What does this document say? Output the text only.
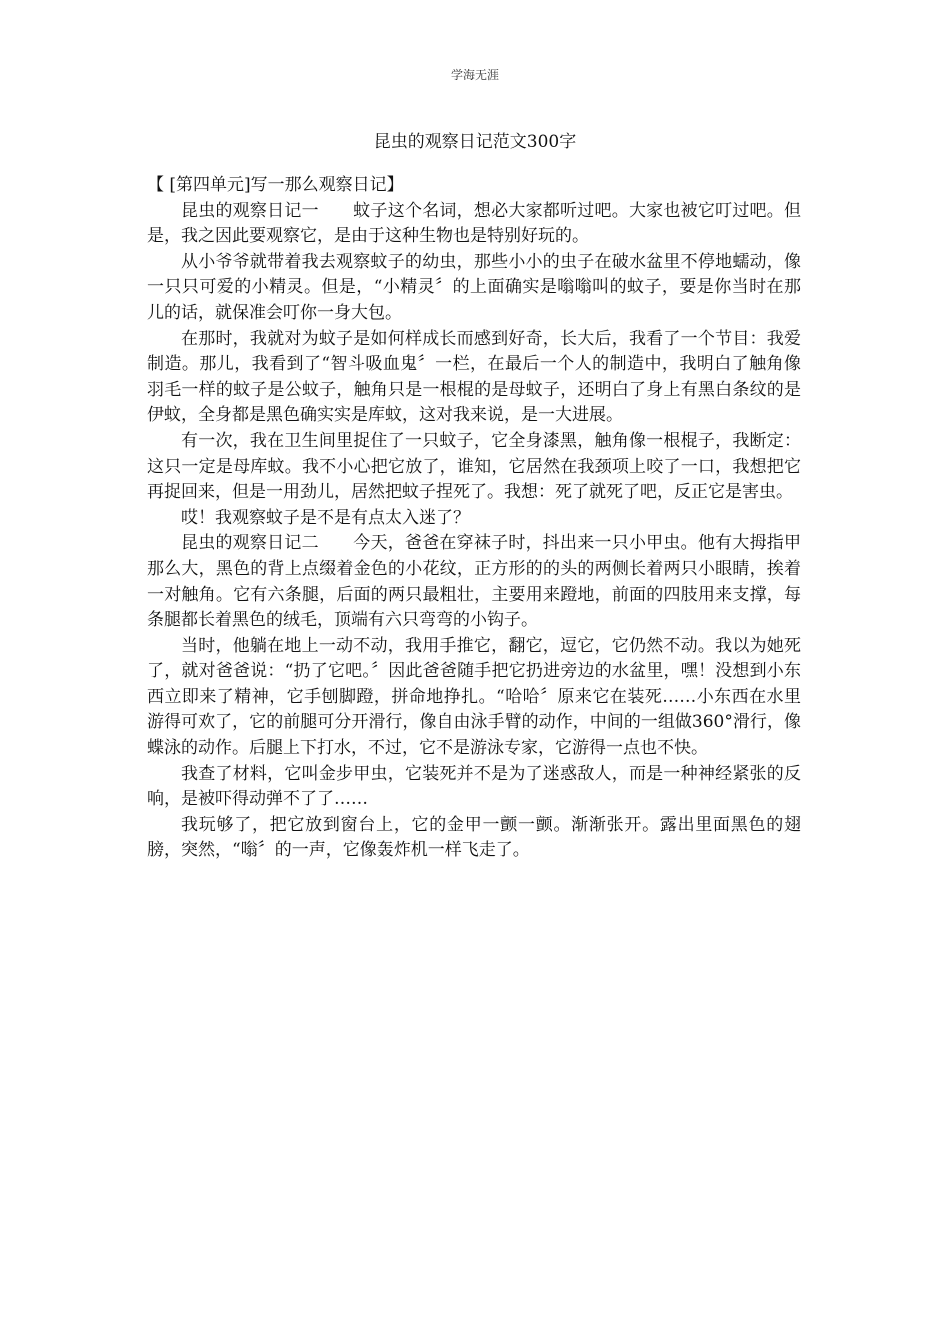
学海无涯
昆虫的观察日记范文300字

【 [第四单元]写一那么观察日记】

昆虫的观察日记一　　蚊子这个名词，想必大家都听过吧。大家也被它叮过吧。但是，我之因此要观察它，是由于这种生物也是特别好玩的。

从小爷爷就带着我去观察蚊子的幼虫，那些小小的虫子在破水盆里不停地蠕动，像一只只可爱的小精灵。但是，“小精灵〞的上面确实是嗡嗡叫的蚊子，要是你当时在那儿的话，就保准会叮你一身大包。

在那时，我就对为蚊子是如何样成长而感到好奇，长大后，我看了一个节目：我爱制造。那儿，我看到了“智斗吸血鬼〞一栏，在最后一个人的制造中，我明白了触角像羽毛一样的蚊子是公蚊子，触角只是一根棍的是母蚊子，还明白了身上有黑白条纹的是伊蚊，全身都是黑色确实实是库蚊，这对我来说，是一大进展。

有一次，我在卫生间里捉住了一只蚊子，它全身漆黑，触角像一根棍子，我断定：这只一定是母库蚊。我不小心把它放了，谁知，它居然在我颈项上咬了一口，我想把它再捉回来，但是一用劲儿，居然把蚊子捏死了。我想：死了就死了吧，反正它是害虫。

哎！我观察蚊子是不是有点太入迷了？

昆虫的观察日记二　　今天，爸爸在穿袜子时，抖出来一只小甲虫。他有大拇指甲那么大，黑色的背上点缀着金色的小花纹，正方形的的头的两侧长着两只小眼睛，挨着一对触角。它有六条腿，后面的两只最粗壮，主要用来蹬地，前面的四肢用来支撑，每条腿都长着黑色的绒毛，顶端有六只弯弯的小钩子。

当时，他躺在地上一动不动，我用手推它，翻它，逗它，它仍然不动。我以为她死了，就对爸爸说：“扔了它吧。〞因此爸爸随手把它扔进旁边的水盆里，嘿！没想到小东西立即来了精神，它手刨脚蹬，拼命地挣扎。“哈哈〞原来它在装死……小东西在水里游得可欢了，它的前腿可分开滑行，像自由泳手臂的动作，中间的一组做360°滑行，像蝶泳的动作。后腿上下打水，不过，它不是游泳专家，它游得一点也不快。

我查了材料，它叫金步甲虫，它装死并不是为了迷惑敌人，而是一种神经紧张的反响，是被吓得动弹不了了……

我玩够了，把它放到窗台上，它的金甲一颤一颤。渐渐张开。露出里面黑色的翅膀，突然，“嗡〞的一声，它像轰炸机一样飞走了。
